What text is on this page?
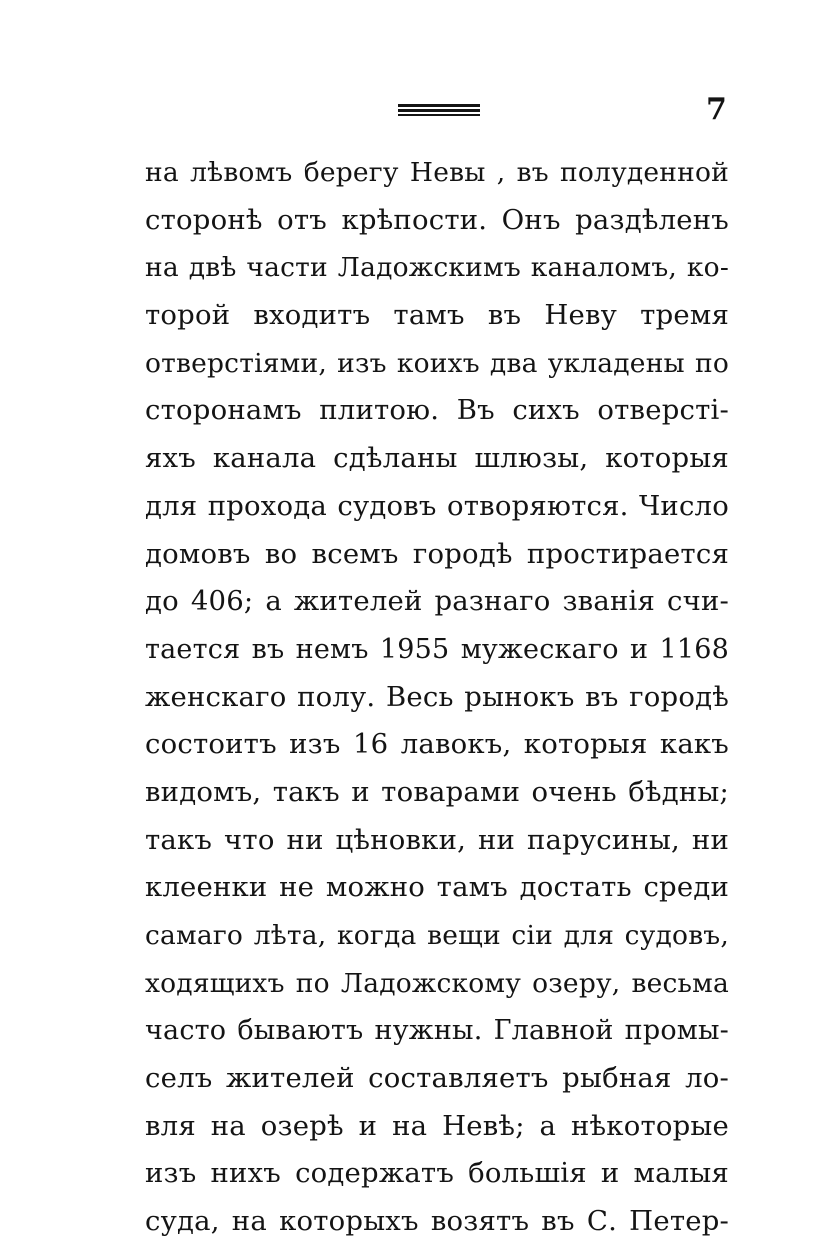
7
на лѣвомъ берегу Невы , въ полуденной
сторонѣ отъ крѣпости. Онъ раздѣленъ
на двѣ части Ладожскимъ каналомъ, ко-
торой входитъ тамъ въ Неву тремя
отверстіями, изъ коихъ два укладены по
сторонамъ плитою. Въ сихъ отверсті-
яхъ канала сдѣланы шлюзы, которыя
для прохода судовъ отворяются. Число
домовъ во всемъ городѣ простирается
до 406; а жителей разнаго званія счи-
тается въ немъ 1955 мужескаго и 1168
женскаго полу. Весь рынокъ въ городѣ
состоитъ изъ 16 лавокъ, которыя какъ
видомъ, такъ и товарами очень бѣдны;
такъ что ни цѣновки, ни парусины, ни
клеенки не можно тамъ достать среди
самаго лѣта, когда вещи сіи для судовъ,
ходящихъ по Ладожскому озеру, весьма
часто бываютъ нужны. Главной промы-
селъ жителей составляетъ рыбная ло-
вля на озерѣ и на Невѣ; а нѣкоторые
изъ нихъ содержатъ большія и малыя
суда, на которыхъ возятъ въ С. Петер-
